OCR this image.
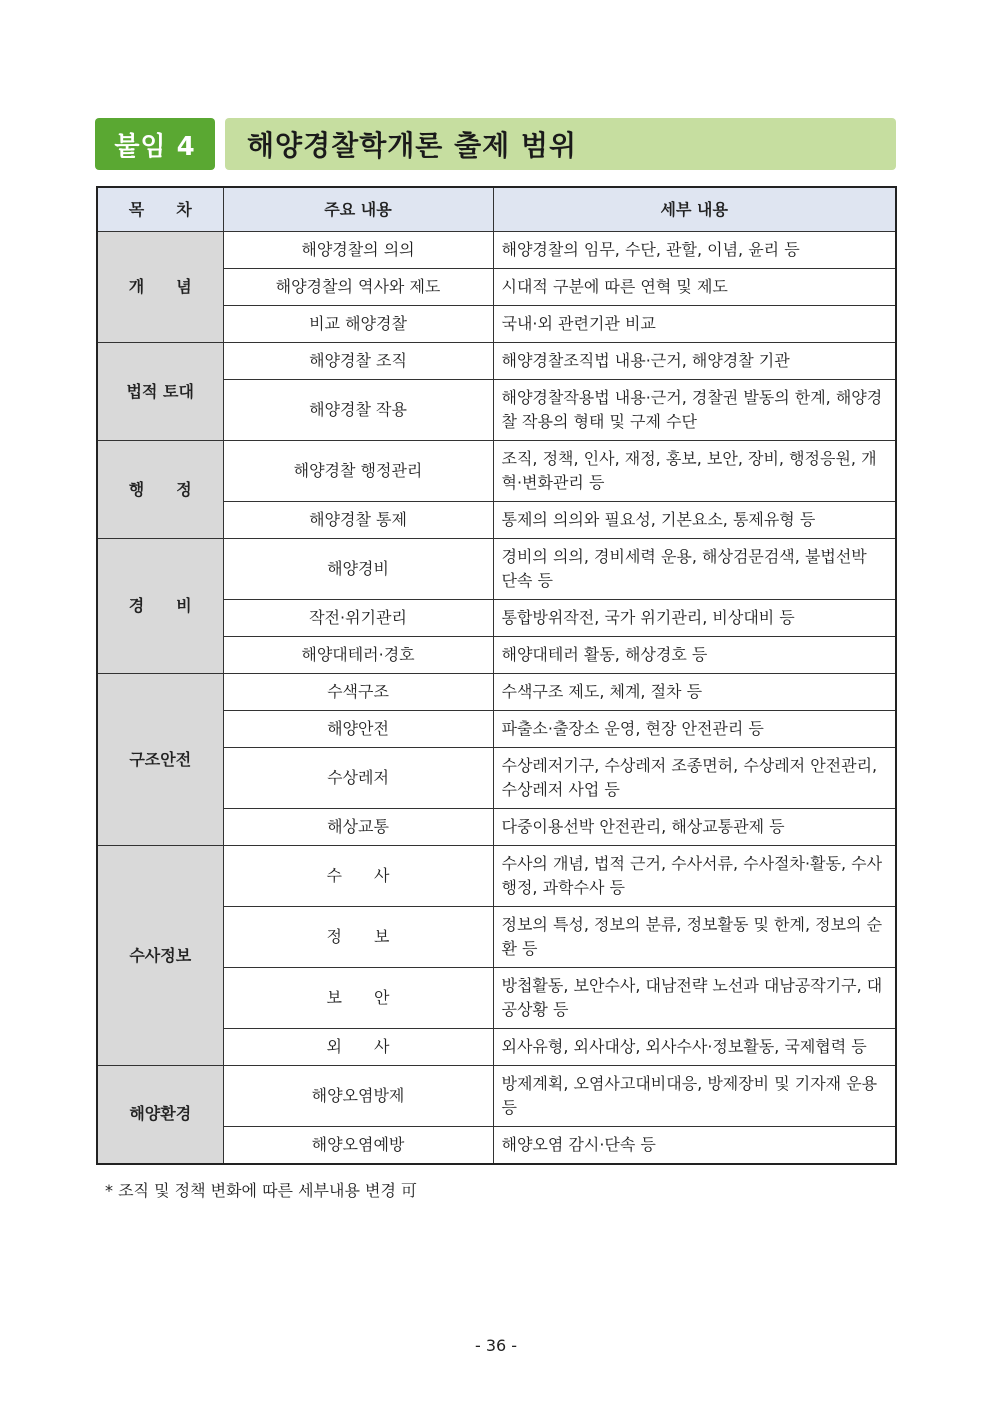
붙임 4	해양경찰학개론 출제 범위
목　　차	주요 내용	세부 내용
개　　념	해양경찰의 의의	해양경찰의 임무, 수단, 관할, 이념, 윤리 등
	해양경찰의 역사와 제도	시대적 구분에 따른 연혁 및 제도
	비교 해양경찰	국내·외 관련기관 비교
법적 토대	해양경찰 조직	해양경찰조직법 내용·근거, 해양경찰 기관
	해양경찰 작용	해양경찰작용법 내용·근거, 경찰권 발동의 한계, 해양경찰 작용의 형태 및 구제 수단
행　　정	해양경찰 행정관리	조직, 정책, 인사, 재정, 홍보, 보안, 장비, 행정응원, 개혁·변화관리 등
	해양경찰 통제	통제의 의의와 필요성, 기본요소, 통제유형 등
경　　비	해양경비	경비의 의의, 경비세력 운용, 해상검문검색, 불법선박 단속 등
	작전·위기관리	통합방위작전, 국가 위기관리, 비상대비 등
	해양대테러·경호	해양대테러 활동, 해상경호 등
구조안전	수색구조	수색구조 제도, 체계, 절차 등
	해양안전	파출소·출장소 운영, 현장 안전관리 등
	수상레저	수상레저기구, 수상레저 조종면허, 수상레저 안전관리, 수상레저 사업 등
	해상교통	다중이용선박 안전관리, 해상교통관제 등
수사정보	수　　사	수사의 개념, 법적 근거, 수사서류, 수사절차·활동, 수사행정, 과학수사 등
	정　　보	정보의 특성, 정보의 분류, 정보활동 및 한계, 정보의 순환 등
	보　　안	방첩활동, 보안수사, 대남전략 노선과 대남공작기구, 대공상황 등
	외　　사	외사유형, 외사대상, 외사수사·정보활동, 국제협력 등
해양환경	해양오염방제	방제계획, 오염사고대비대응, 방제장비 및 기자재 운용 등
	해양오염예방	해양오염 감시·단속 등
* 조직 및 정책 변화에 따른 세부내용 변경 可
- 36 -
